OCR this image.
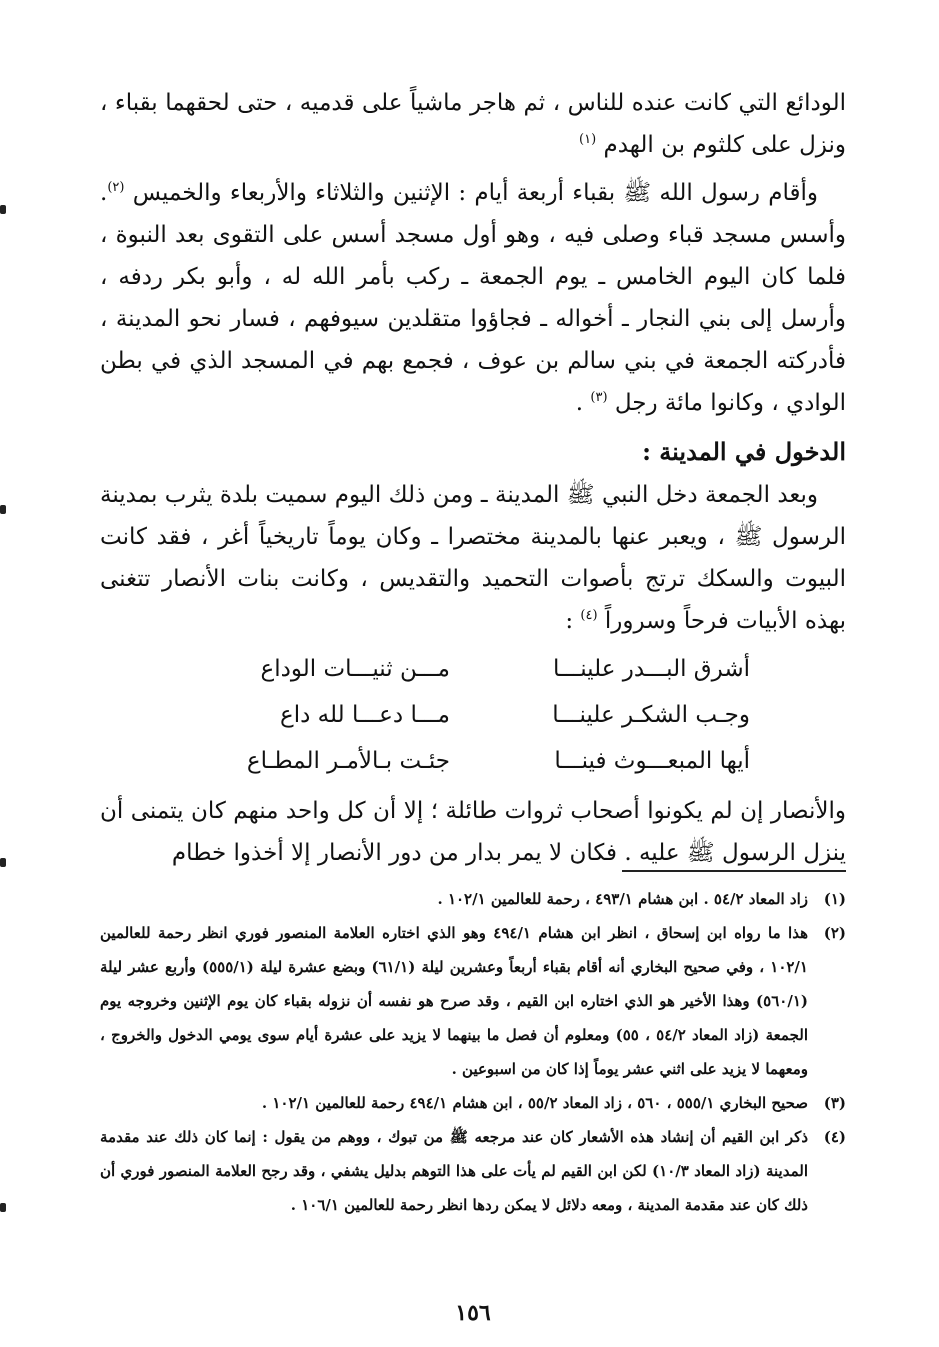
الودائع التي كانت عنده للناس ، ثم هاجر ماشياً على قدميه ، حتى لحقهما بقباء ، ونزل على كلثوم بن الهدم $^{(١)}$

وأقام رسول الله ﷺ بقباء أربعة أيام : الإثنين والثلاثاء والأربعاء والخميس $^{(٢)}$. وأسس مسجد قباء وصلى فيه ، وهو أول مسجد أسس على التقوى بعد النبوة ، فلما كان اليوم الخامس ـ يوم الجمعة ـ ركب بأمر الله له ، وأبو بكر ردفه ، وأرسل إلى بني النجار ـ أخواله ـ فجاؤوا متقلدين سيوفهم ، فسار نحو المدينة ، فأدركته الجمعة في بني سالم بن عوف ، فجمع بهم في المسجد الذي في بطن الوادي ، وكانوا مائة رجل $^{(٣)}$ .

الدخول في المدينة :

وبعد الجمعة دخل النبي ﷺ المدينة ـ ومن ذلك اليوم سميت بلدة يثرب بمدينة الرسول ﷺ ، ويعبر عنها بالمدينة مختصرا ـ وكان يوماً تاريخياً أغر ، فقد كانت البيوت والسكك ترتج بأصوات التحميد والتقديس ، وكانت بنات الأنصار تتغنى بهذه الأبيات فرحاً وسروراً $^{(٤)}$ :

أشرق البـــدر علينـــا
مـــن ثنيـــات الوداع
وجـب الشكـر علينـــا
مـــا دعـــا لله داع
أيها المبعـــوث فينـــا
جئـت بـالأمـر المطـاع

والأنصار إن لم يكونوا أصحاب ثروات طائلة ؛ إلا أن كل واحد منهم كان يتمنى أن ينزل الرسول ﷺ عليه . فكان لا يمر بدار من دور الأنصار إلا أخذوا خطام

(١)
زاد المعاد ٥٤/٢ . ابن هشام ٤٩٣/١ ، رحمة للعالمين ١٠٢/١ .
(٢)
هذا ما رواه ابن إسحاق ، انظر ابن هشام ٤٩٤/١ وهو الذي اختاره العلامة المنصور فوري انظر رحمة للعالمين ١٠٢/١ ، وفي صحيح البخاري أنه أقام بقباء أربعاً وعشرين ليلة (٦١/١) وبضع عشرة ليلة (٥٥٥/١) وأربع عشر ليلة (٥٦٠/١) وهذا الأخير هو الذي اختاره ابن القيم ، وقد صرح هو نفسه أن نزوله بقباء كان يوم الإثنين وخروجه يوم الجمعة (زاد المعاد ٥٤/٢ ، ٥٥) ومعلوم أن فصل ما بينهما لا يزيد على عشرة أيام سوى يومي الدخول والخروج ، ومعهما لا يزيد على اثني عشر يوماً إذا كان من اسبوعين .
(٣)
صحيح البخاري ٥٥٥/١ ، ٥٦٠ ، زاد المعاد ٥٥/٢ ، ابن هشام ٤٩٤/١ رحمة للعالمين ١٠٢/١ .
(٤)
ذكر ابن القيم أن إنشاد هذه الأشعار كان عند مرجعه ﷺ من تبوك ، ووهم من يقول : إنما كان ذلك عند مقدمة المدينة (زاد المعاد ١٠/٣) لكن ابن القيم لم يأت على هذا التوهم بدليل يشفي ، وقد رجح العلامة المنصور فوري أن ذلك كان عند مقدمة المدينة ، ومعه دلائل لا يمكن ردها انظر رحمة للعالمين ١٠٦/١ .
١٥٦
